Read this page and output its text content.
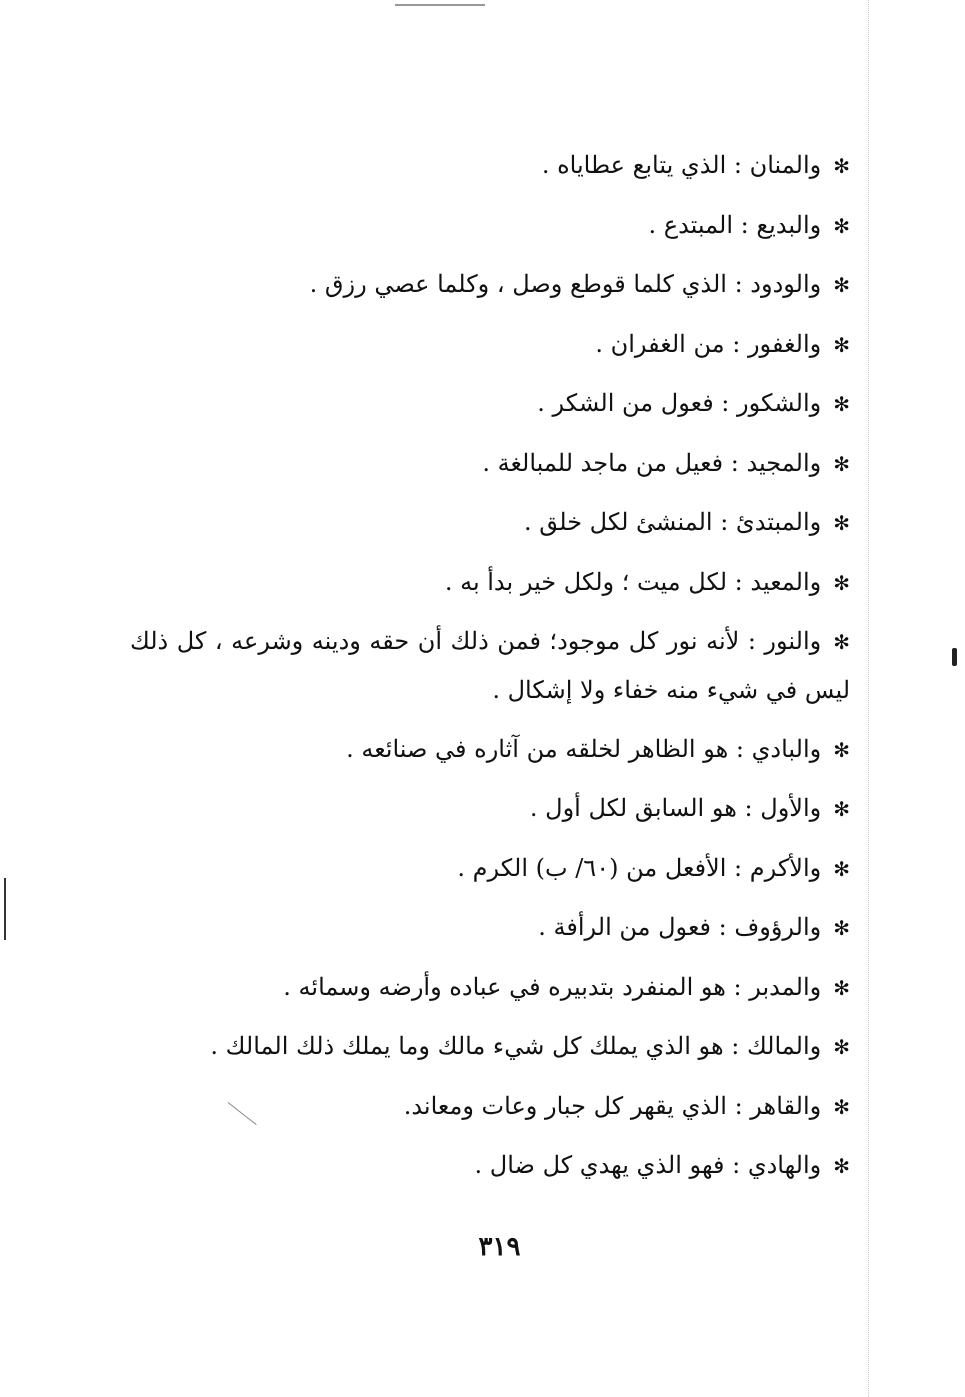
✻والمنان : الذي يتابع عطاياه .
✻والبديع : المبتدع .
✻والودود : الذي كلما قوطع وصل ، وكلما عصي رزق .
✻والغفور : من الغفران .
✻والشكور : فعول من الشكر .
✻والمجيد : فعيل من ماجد للمبالغة .
✻والمبتدئ : المنشئ لكل خلق .
✻والمعيد : لكل ميت ؛ ولكل خير بدأ به .
✻والنور : لأنه نور كل موجود؛ فمن ذلك أن حقه ودينه وشرعه ، كل ذلك ليس في شيء منه خفاء ولا إشكال .
✻والبادي : هو الظاهر لخلقه من آثاره في صنائعه .
✻والأول : هو السابق لكل أول .
✻والأكرم : الأفعل من (٦٠/ ب) الكرم .
✻والرؤوف : فعول من الرأفة .
✻والمدبر : هو المنفرد بتدبيره في عباده وأرضه وسمائه .
✻والمالك : هو الذي يملك كل شيء مالك وما يملك ذلك المالك .
✻والقاهر : الذي يقهر كل جبار وعات ومعاند.
✻والهادي : فهو الذي يهدي كل ضال .
٣١٩
